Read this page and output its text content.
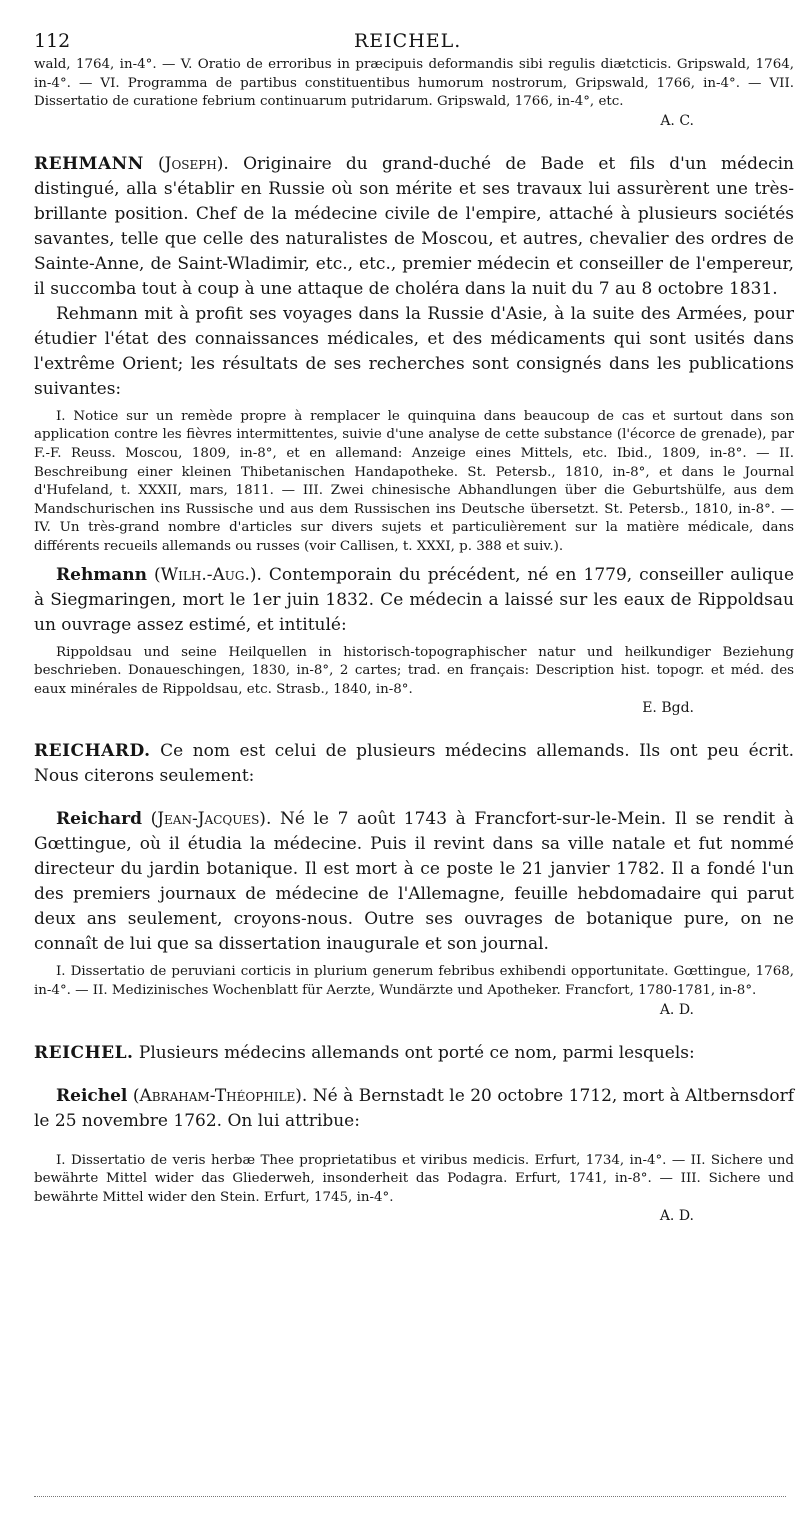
112	REICHEL.

wald, 1764, in-4°. — V. Oratio de erroribus in præcipuis deformandis sibi regulis diætcticis. Gripswald, 1764, in-4°. — VI. Programma de partibus constituentibus humorum nostrorum, Gripswald, 1766, in-4°. — VII. Dissertatio de curatione febrium continuarum putridarum. Gripswald, 1766, in-4°, etc.

A. C.

REHMANN (Joseph). Originaire du grand-duché de Bade et fils d'un médecin distingué, alla s'établir en Russie où son mérite et ses travaux lui assurèrent une très-brillante position. Chef de la médecine civile de l'empire, attaché à plusieurs sociétés savantes, telle que celle des naturalistes de Moscou, et autres, chevalier des ordres de Sainte-Anne, de Saint-Wladimir, etc., etc., premier médecin et conseiller de l'empereur, il succomba tout à coup à une attaque de choléra dans la nuit du 7 au 8 octobre 1831.

Rehmann mit à profit ses voyages dans la Russie d'Asie, à la suite des Armées, pour étudier l'état des connaissances médicales, et des médicaments qui sont usités dans l'extrême Orient; les résultats de ses recherches sont consignés dans les publications suivantes:

I. Notice sur un remède propre à remplacer le quinquina dans beaucoup de cas et surtout dans son application contre les fièvres intermittentes, suivie d'une analyse de cette substance (l'écorce de grenade), par F.-F. Reuss. Moscou, 1809, in-8°, et en allemand: Anzeige eines Mittels, etc. Ibid., 1809, in-8°. — II. Beschreibung einer kleinen Thibetanischen Handapotheke. St. Petersb., 1810, in-8°, et dans le Journal d'Hufeland, t. XXXII, mars, 1811. — III. Zwei chinesische Abhandlungen über die Geburtshülfe, aus dem Mandschurischen ins Russische und aus dem Russischen ins Deutsche übersetzt. St. Petersb., 1810, in-8°. — IV. Un très-grand nombre d'articles sur divers sujets et particulièrement sur la matière médicale, dans différents recueils allemands ou russes (voir Callisen, t. XXXI, p. 388 et suiv.).

Rehmann (Wilh.-Aug.). Contemporain du précédent, né en 1779, conseiller aulique à Siegmaringen, mort le 1er juin 1832. Ce médecin a laissé sur les eaux de Rippoldsau un ouvrage assez estimé, et intitulé:

Rippoldsau und seine Heilquellen in historisch-topographischer natur und heilkundiger Beziehung beschrieben. Donaueschingen, 1830, in-8°, 2 cartes; trad. en français: Description hist. topogr. et méd. des eaux minérales de Rippoldsau, etc. Strasb., 1840, in-8°.

E. Bgd.

REICHARD. Ce nom est celui de plusieurs médecins allemands. Ils ont peu écrit. Nous citerons seulement:

Reichard (Jean-Jacques). Né le 7 août 1743 à Francfort-sur-le-Mein. Il se rendit à Gœttingue, où il étudia la médecine. Puis il revint dans sa ville natale et fut nommé directeur du jardin botanique. Il est mort à ce poste le 21 janvier 1782. Il a fondé l'un des premiers journaux de médecine de l'Allemagne, feuille hebdomadaire qui parut deux ans seulement, croyons-nous. Outre ses ouvrages de botanique pure, on ne connaît de lui que sa dissertation inaugurale et son journal.

I. Dissertatio de peruviani corticis in plurium generum febribus exhibendi opportunitate. Gœttingue, 1768, in-4°. — II. Medizinisches Wochenblatt für Aerzte, Wundärzte und Apotheker. Francfort, 1780-1781, in-8°.

A. D.

REICHEL. Plusieurs médecins allemands ont porté ce nom, parmi lesquels:

Reichel (Abraham-Théophile). Né à Bernstadt le 20 octobre 1712, mort à Altbernsdorf le 25 novembre 1762. On lui attribue:

I. Dissertatio de veris herbæ Thee proprietatibus et viribus medicis. Erfurt, 1734, in-4°. — II. Sichere und bewährte Mittel wider das Gliederweh, insonderheit das Podagra. Erfurt, 1741, in-8°. — III. Sichere und bewährte Mittel wider den Stein. Erfurt, 1745, in-4°.

A. D.
